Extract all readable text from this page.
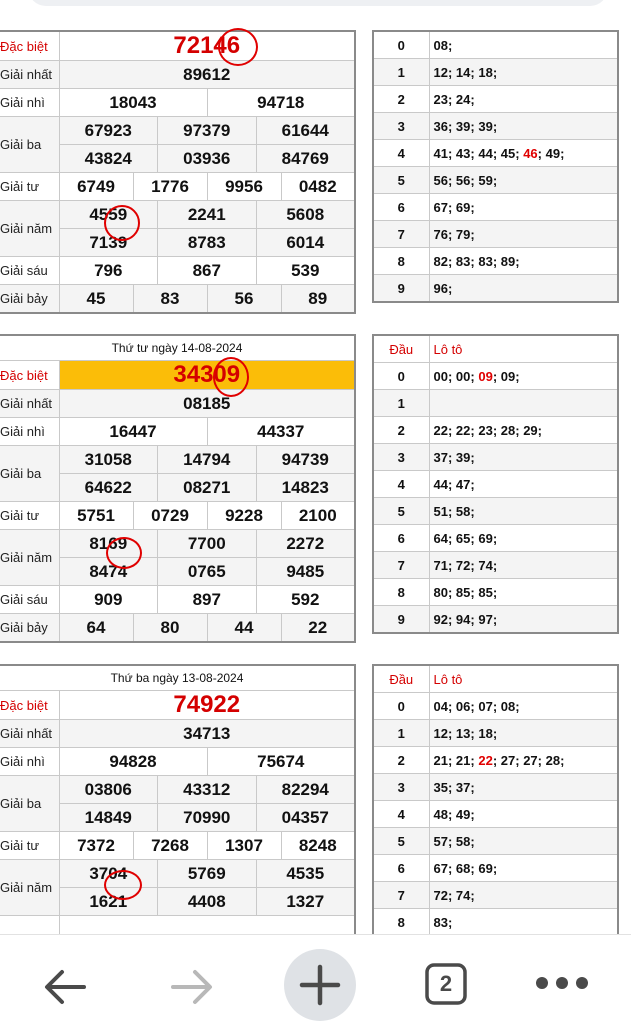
Đặc biệt	72146			
Giải nhất	89612			
Giải nhì	18043		94718	
Giải ba	67923 97379 61644			

	43824 03936 84769			

Giải tư	6749	1776	9956	0482
Giải năm	4559 2241 5608			

	7139 8783 6014			

Giải sáu	796 867 539			

Giải bảy	45	83	56	89
0	08;
1	12; 14; 18;
2	23; 24;
3	36; 39; 39;
4	41; 43; 44; 45; 46; 49;
5	56; 56; 59;
6	67; 69;
7	76; 79;
8	82; 83; 83; 89;
9	96;
Thứ tư ngày 14-08-2024				
Đặc biệt	34309			
Giải nhất	08185			
Giải nhì	16447		44337	
Giải ba	31058 14794 94739			

	64622 08271 14823			

Giải tư	5751	0729	9228	2100
Giải năm	8169 7700 2272			

	8474 0765 9485			

Giải sáu	909 897 592			

Giải bảy	64	80	44	22
Đầu	Lô tô
0	00; 00; 09; 09;
1	
2	22; 22; 23; 28; 29;
3	37; 39;
4	44; 47;
5	51; 58;
6	64; 65; 69;
7	71; 72; 74;
8	80; 85; 85;
9	92; 94; 97;
Thứ ba ngày 13-08-2024				
Đặc biệt	74922			
Giải nhất	34713			
Giải nhì	94828		75674	
Giải ba	03806 43312 82294			

	14849 70990 04357			

Giải tư	7372	7268	1307	8248
Giải năm	3704 5769 4535			

	1621 4408 1327			

Đầu	Lô tô
0	04; 06; 07; 08;
1	12; 13; 18;
2	21; 21; 22; 27; 27; 28;
3	35; 37;
4	48; 49;
5	57; 58;
6	67; 68; 69;
7	72; 74;
8	83;
2
